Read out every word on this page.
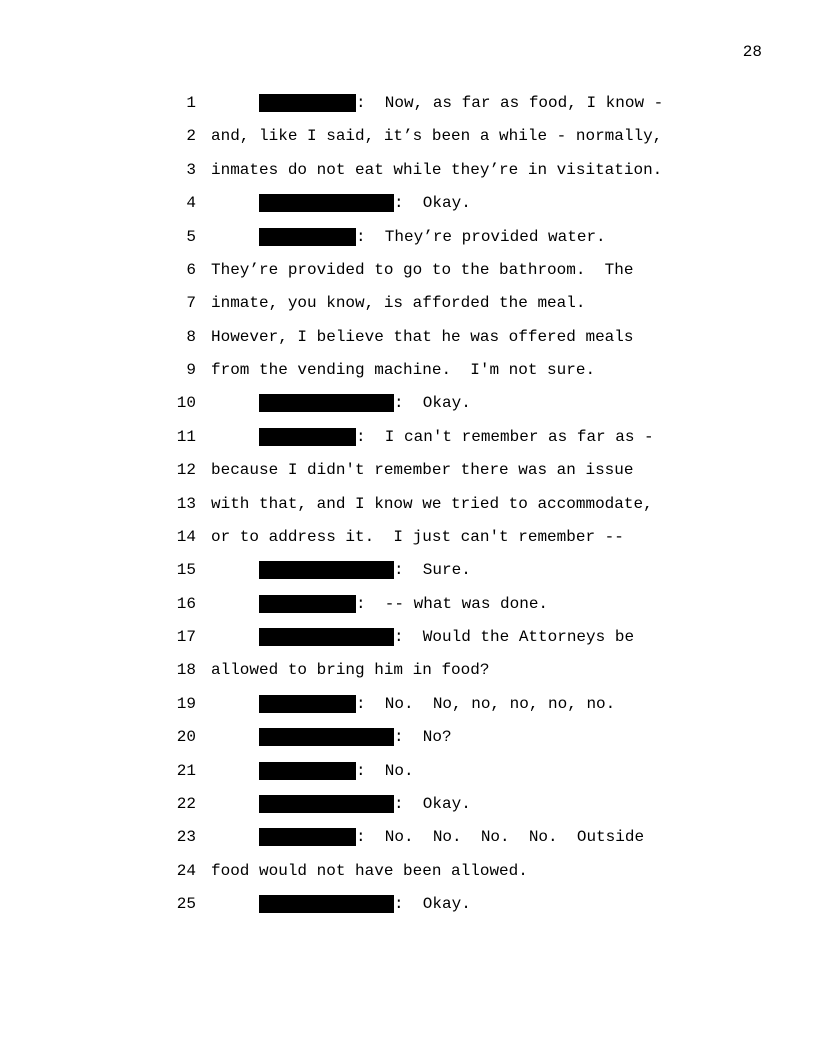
28
1	:  Now, as far as food, I know -
2 and, like I said, it’s been a while - normally,
3 inmates do not eat while they’re in visitation.
4	:  Okay.
5	:  They’re provided water.
6 They’re provided to go to the bathroom.  The
7 inmate, you know, is afforded the meal.
8 However, I believe that he was offered meals
9 from the vending machine.  I'm not sure.
10	:  Okay.
11	:  I can't remember as far as -
12 because I didn't remember there was an issue
13 with that, and I know we tried to accommodate,
14 or to address it.  I just can't remember --
15	:  Sure.
16	:  -- what was done.
17	:  Would the Attorneys be
18 allowed to bring him in food?
19	:  No.  No, no, no, no, no.
20	:  No?
21	:  No.
22	:  Okay.
23	:  No.  No.  No.  No.  Outside
24 food would not have been allowed.
25	:  Okay.
